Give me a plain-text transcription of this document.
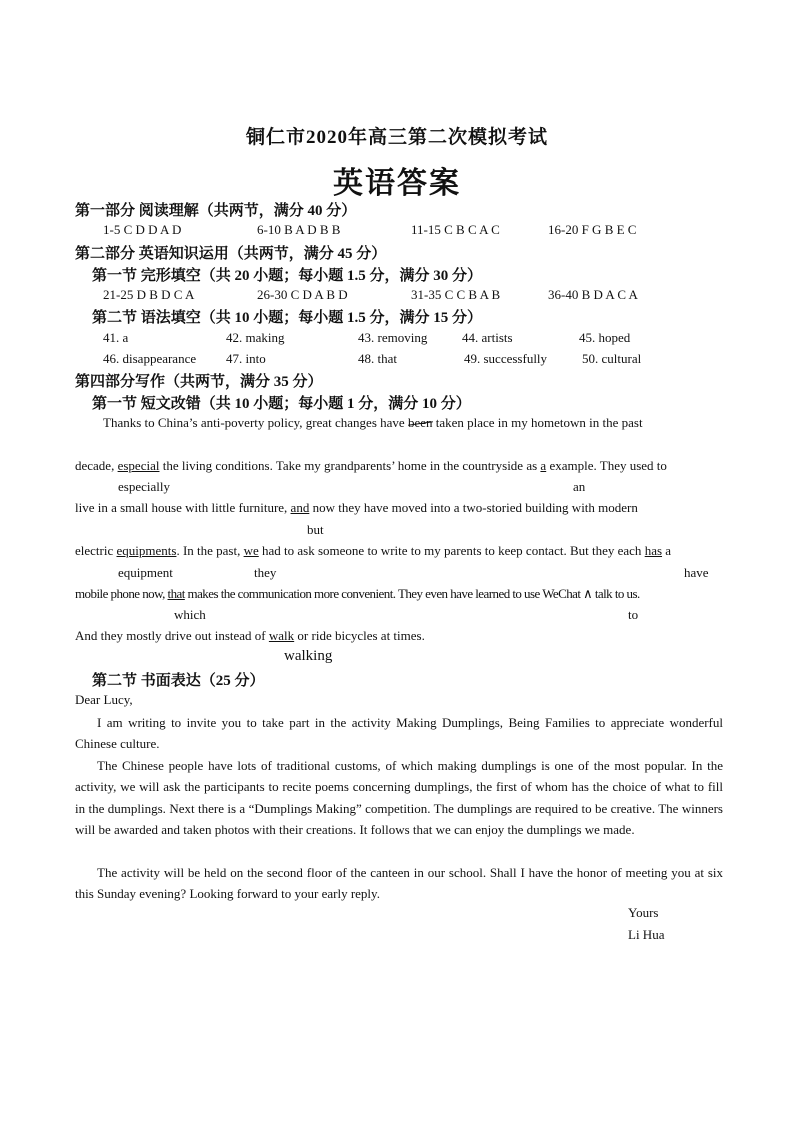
铜仁市2020年高三第二次模拟考试
英语答案
第一部分 阅读理解（共两节，满分 40 分）
1-5 C D D A D	6-10 B A D B B	11-15 C B C A C	16-20 F G B E C
第二部分 英语知识运用（共两节，满分 45 分）
第一节 完形填空（共 20 小题；每小题 1.5 分，满分 30 分）
21-25 D B D C A	26-30 C D A B D	31-35 C C B A B	36-40 B D A C A
第二节 语法填空（共 10 小题；每小题 1.5 分，满分 15 分）
41. a	42. making	43. removing	44. artists	45. hoped
46. disappearance 47. into	48. that	49. successfully	50. cultural
第四部分写作（共两节，满分 35 分）
第一节 短文改错（共 10 小题；每小题 1 分，满分 10 分）
Thanks to China’s anti-poverty policy, great changes have been taken place in my hometown in the past
decade, especial the living conditions. Take my grandparents’ home in the countryside as a example. They used to
especially	an
live in a small house with little furniture, and now they have moved into a two-storied building with modern
but
electric equipments. In the past, we had to ask someone to write to my parents to keep contact. But they each has a
equipment	they	have
mobile phone now, that makes the communication more convenient. They even have learned to use WeChat ∧ talk to us.
which	to
And they mostly drive out instead of walk or ride bicycles at times.
walking
第二节 书面表达（25 分）
Dear Lucy,
I am writing to invite you to take part in the activity Making Dumplings, Being Families to appreciate wonderful Chinese culture.
The Chinese people have lots of traditional customs, of which making dumplings is one of the most popular. In the activity, we will ask the participants to recite poems concerning dumplings, the first of whom has the choice of what to fill in the dumplings. Next there is a “Dumplings Making” competition. The dumplings are required to be creative. The winners will be awarded and taken photos with their creations. It follows that we can enjoy the dumplings we made.
The activity will be held on the second floor of the canteen in our school. Shall I have the honor of meeting you at six this Sunday evening? Looking forward to your early reply.
Yours
Li Hua
